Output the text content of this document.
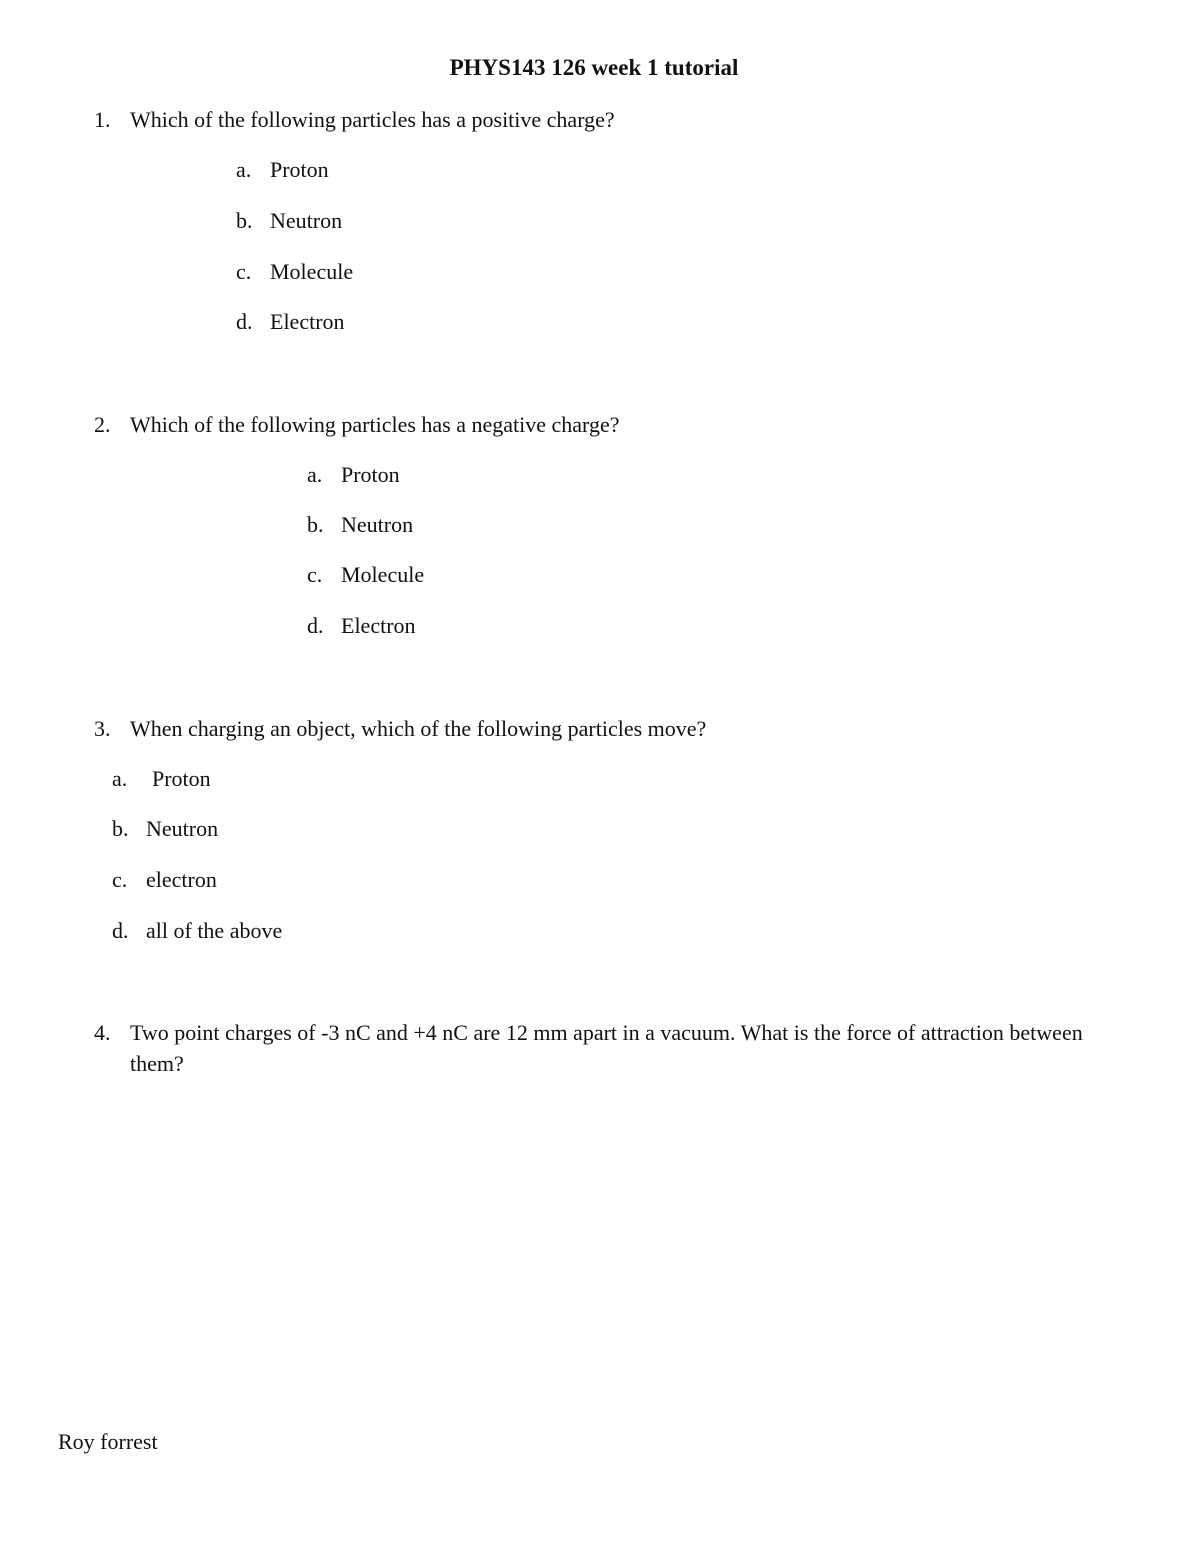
PHYS143 126 week 1 tutorial
1. Which of the following particles has a positive charge?
a. Proton
b. Neutron
c. Molecule
d. Electron
2. Which of the following particles has a negative charge?
a. Proton
b. Neutron
c. Molecule
d. Electron
3. When charging an object, which of the following particles move?
a. Proton
b. Neutron
c. electron
d. all of the above
4. Two point charges of -3 nC and +4 nC are 12 mm apart in a vacuum. What is the force of attraction between them?
Roy forrest
